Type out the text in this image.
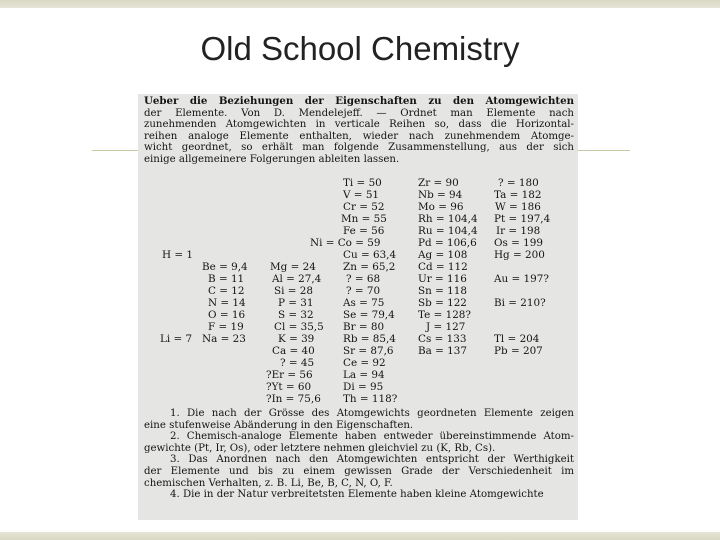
Old School Chemistry
Ueber die Beziehungen der Eigenschaften zu den Atomgewichten
der Elemente. Von D. Mendelejeff. — Ordnet man Elemente nach
zunehmenden Atomgewichten in verticale Reihen so, dass die Horizontal-
reihen analoge Elemente enthalten, wieder nach zunehmendem Atomge-
wicht geordnet, so erhält man folgende Zusammenstellung, aus der sich
einige allgemeinere Folgerungen ableiten lassen.
Ti = 50
V = 51
Cr = 52
Mn = 55
Fe = 56
Ni = Co = 59
Cu = 63,4
Zn = 65,2
? = 68
? = 70
As = 75
Se = 79,4
Br = 80
Rb = 85,4
Sr = 87,6
Ce = 92
La = 94
Di = 95
Th = 118?
Zr = 90
Nb = 94
Mo = 96
Rh = 104,4
Ru = 104,4
Pd = 106,6
Ag = 108
Cd = 112
Ur = 116
Sn = 118
Sb = 122
Te = 128?
J = 127
Cs = 133
Ba = 137
? = 180
Ta = 182
W = 186
Pt = 197,4
Ir = 198
Os = 199
Hg = 200
Au = 197?
Bi = 210?
Tl = 204
Pb = 207
H = 1
Li = 7
Be = 9,4
B = 11
C = 12
N = 14
O = 16
F = 19
Na = 23
Mg = 24
Al = 27,4
Si = 28
P = 31
S = 32
Cl = 35,5
K = 39
Ca = 40
? = 45
?Er = 56
?Yt = 60
?In = 75,6
1. Die nach der Grösse des Atomgewichts geordneten Elemente zeigen
eine stufenweise Abänderung in den Eigenschaften.
2. Chemisch-analoge Elemente haben entweder übereinstimmende Atom-
gewichte (Pt, Ir, Os), oder letztere nehmen gleichviel zu (K, Rb, Cs).
3. Das Anordnen nach den Atomgewichten entspricht der Werthigkeit
der Elemente und bis zu einem gewissen Grade der Verschiedenheit im
chemischen Verhalten, z. B. Li, Be, B, C, N, O, F.
4. Die in der Natur verbreitetsten Elemente haben kleine Atomgewichte
